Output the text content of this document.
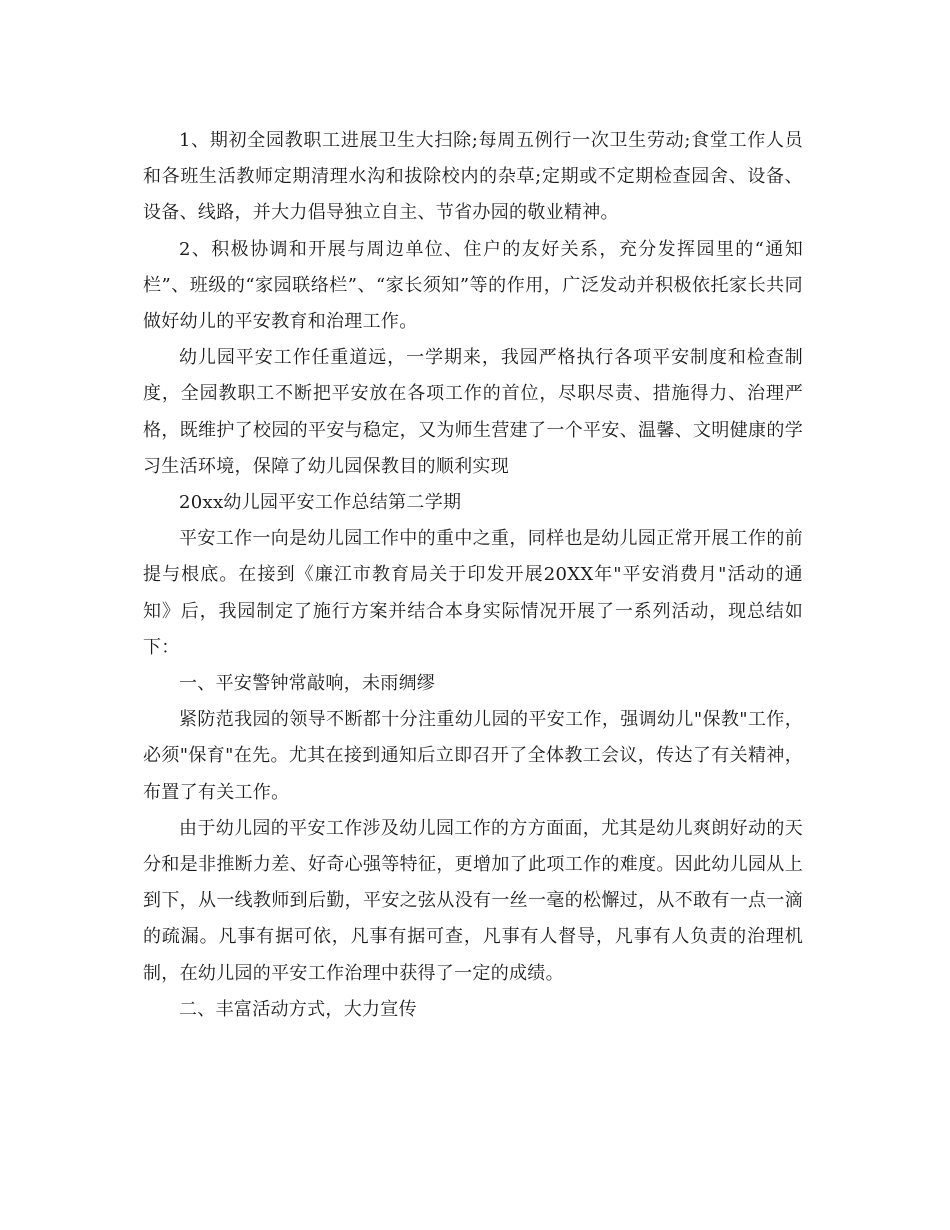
1、期初全园教职工进展卫生大扫除;每周五例行一次卫生劳动;食堂工作人员和各班生活教师定期清理水沟和拔除校内的杂草;定期或不定期检查园舍、设备、设备、线路，并大力倡导独立自主、节省办园的敬业精神。

2、积极协调和开展与周边单位、住户的友好关系，充分发挥园里的“通知栏”、班级的“家园联络栏”、“家长须知”等的作用，广泛发动并积极依托家长共同做好幼儿的平安教育和治理工作。

幼儿园平安工作任重道远，一学期来，我园严格执行各项平安制度和检查制度，全园教职工不断把平安放在各项工作的首位，尽职尽责、措施得力、治理严格，既维护了校园的平安与稳定，又为师生营建了一个平安、温馨、文明健康的学习生活环境，保障了幼儿园保教目的顺利实现

20xx幼儿园平安工作总结第二学期

平安工作一向是幼儿园工作中的重中之重，同样也是幼儿园正常开展工作的前提与根底。在接到《廉江市教育局关于印发开展20XX年"平安消费月"活动的通知》后，我园制定了施行方案并结合本身实际情况开展了一系列活动，现总结如下：

一、平安警钟常敲响，未雨绸缪

紧防范我园的领导不断都十分注重幼儿园的平安工作，强调幼儿"保教"工作，必须"保育"在先。尤其在接到通知后立即召开了全体教工会议，传达了有关精神，布置了有关工作。

由于幼儿园的平安工作涉及幼儿园工作的方方面面，尤其是幼儿爽朗好动的天分和是非推断力差、好奇心强等特征，更增加了此项工作的难度。因此幼儿园从上到下，从一线教师到后勤，平安之弦从没有一丝一毫的松懈过，从不敢有一点一滴的疏漏。凡事有据可依，凡事有据可查，凡事有人督导，凡事有人负责的治理机制，在幼儿园的平安工作治理中获得了一定的成绩。

二、丰富活动方式，大力宣传
